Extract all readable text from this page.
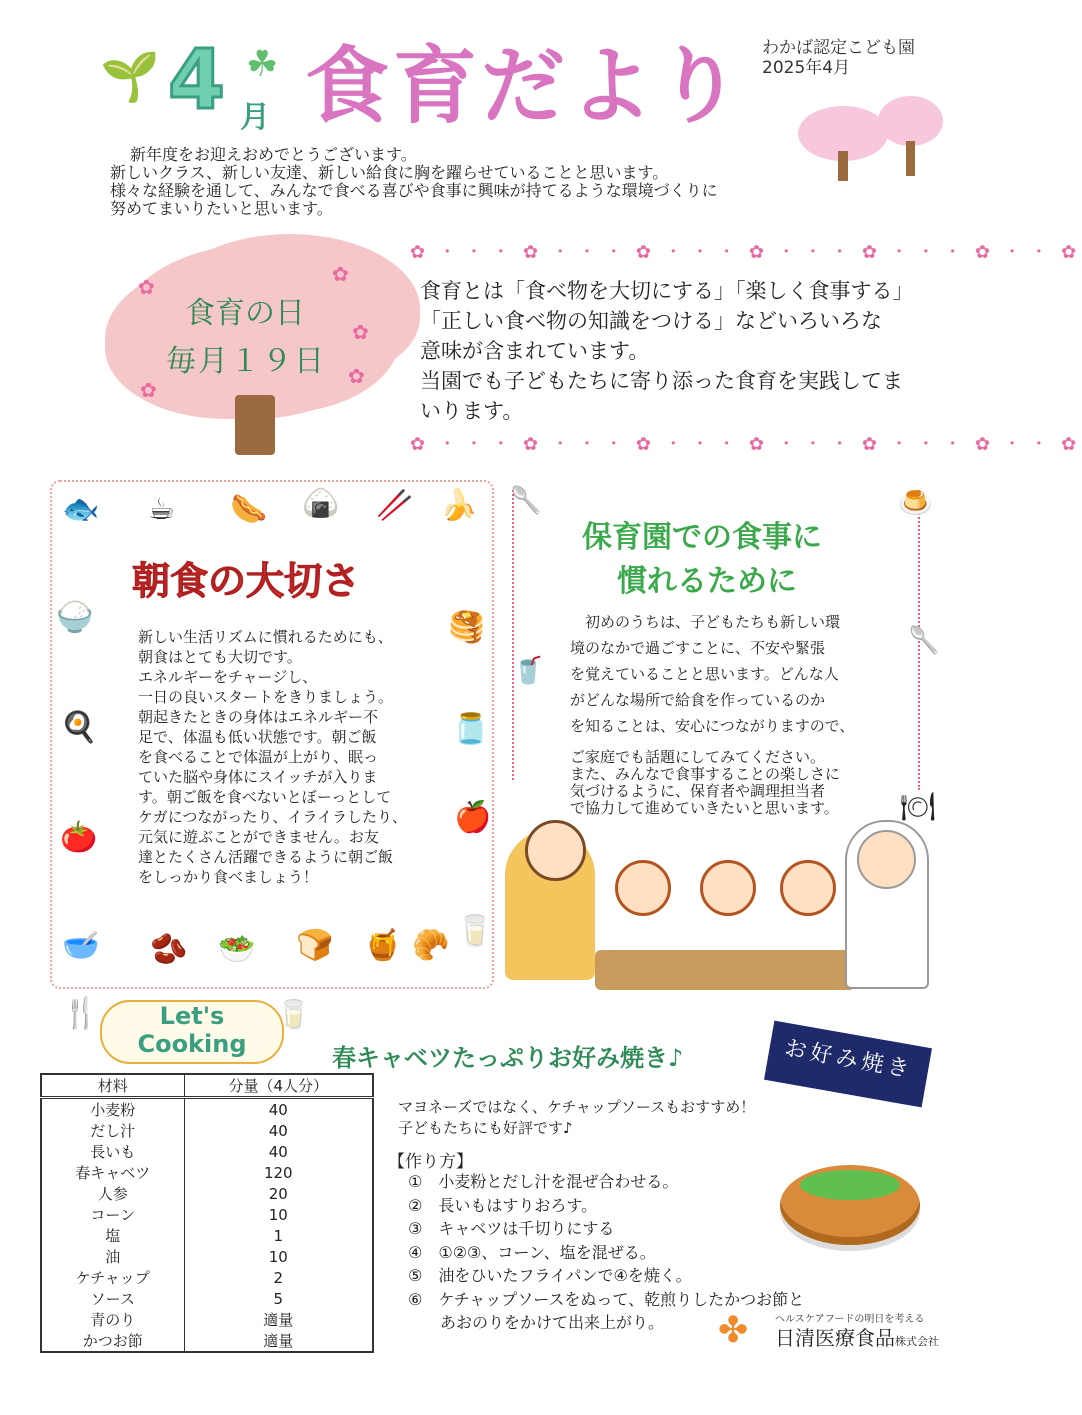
🌱 4 ☘
月 食育だより わかば認定こども園
2025年4月

新年度をお迎えおめでとうございます。

新しいクラス、新しい友達、新しい給食に胸を躍らせていることと思います。

様々な経験を通して、みんなで食べる喜びや食事に興味が持てるような環境づくりに

努めてまいりたいと思います。

✿
✿
✿
✿
✿
食育の日
毎月１９日
✿ ･ ･ ･ ✿ ･ ･ ･ ✿ ･ ･ ･ ✿ ･ ･ ･ ✿ ･ ･ ･ ✿ ･ ･ ✿

食育とは「食べ物を大切にする」「楽しく食事する」

「正しい食べ物の知識をつける」などいろいろな

意味が含まれています。

当園でも子どもたちに寄り添った食育を実践してま

いります。

✿ ･ ･ ･ ✿ ･ ･ ･ ✿ ･ ･ ･ ✿ ･ ･ ･ ✿ ･ ･ ･ ✿ ･ ･ ✿
🐟 ☕ 🌭 🍙 🥢 🍌
🍚	🥞
🍳	🫙
🍅
🍎
🥣 🫘 🥗 🍞 🍯 🥐 🥛
朝食の大切さ

新しい生活リズムに慣れるためにも、

朝食はとても大切です。

エネルギーをチャージし、

一日の良いスタートをきりましょう。

朝起きたときの身体はエネルギー不

足で、体温も低い状態です。朝ご飯

を食べることで体温が上がり、眠っ

ていた脳や身体にスイッチが入りま

す。朝ご飯を食べないとぼーっとして

ケガにつながったり、イライラしたり、

元気に遊ぶことができません。お友

達とたくさん活躍できるように朝ご飯

をしっかり食べましょう！

🥄
🥤
🍮
🥄
🍽
保育園での食事に
慣れるために

　初めのうちは、子どもたちも新しい環

境のなかで過ごすことに、不安や緊張

を覚えていることと思います。どんな人

がどんな場所で給食を作っているのか

を知ることは、安心につながりますので、

ご家庭でも話題にしてみてください。

また、みんなで食事することの楽しさに

気づけるように、保育者や調理担当者

で協力して進めていきたいと思います。

🍴	Let's
Cooking
🥛
春キャベツたっぷりお好み焼き♪	お好み焼き
材料	分量（4人分）
小麦粉	40
だし汁	40
長いも	40
春キャベツ	120
人参	20
コーン	10
塩	1
油	10
ケチャップ	2
ソース	5
青のり	適量
かつお節	適量

マヨネーズではなく、ケチャップソースもおすすめ！

子どもたちにも好評です♪

【作り方】
①　小麦粉とだし汁を混ぜ合わせる。
②　長いもはすりおろす。
③　キャベツは千切りにする
④　①②③、コーン、塩を混ぜる。
⑤　油をひいたフライパンで④を焼く。
⑥　ケチャップソースをぬって、乾煎りしたかつお節と
　　あおのりをかけて出来上がり。	✤	ヘルスケアフードの明日を考える
日清医療食品株式会社
